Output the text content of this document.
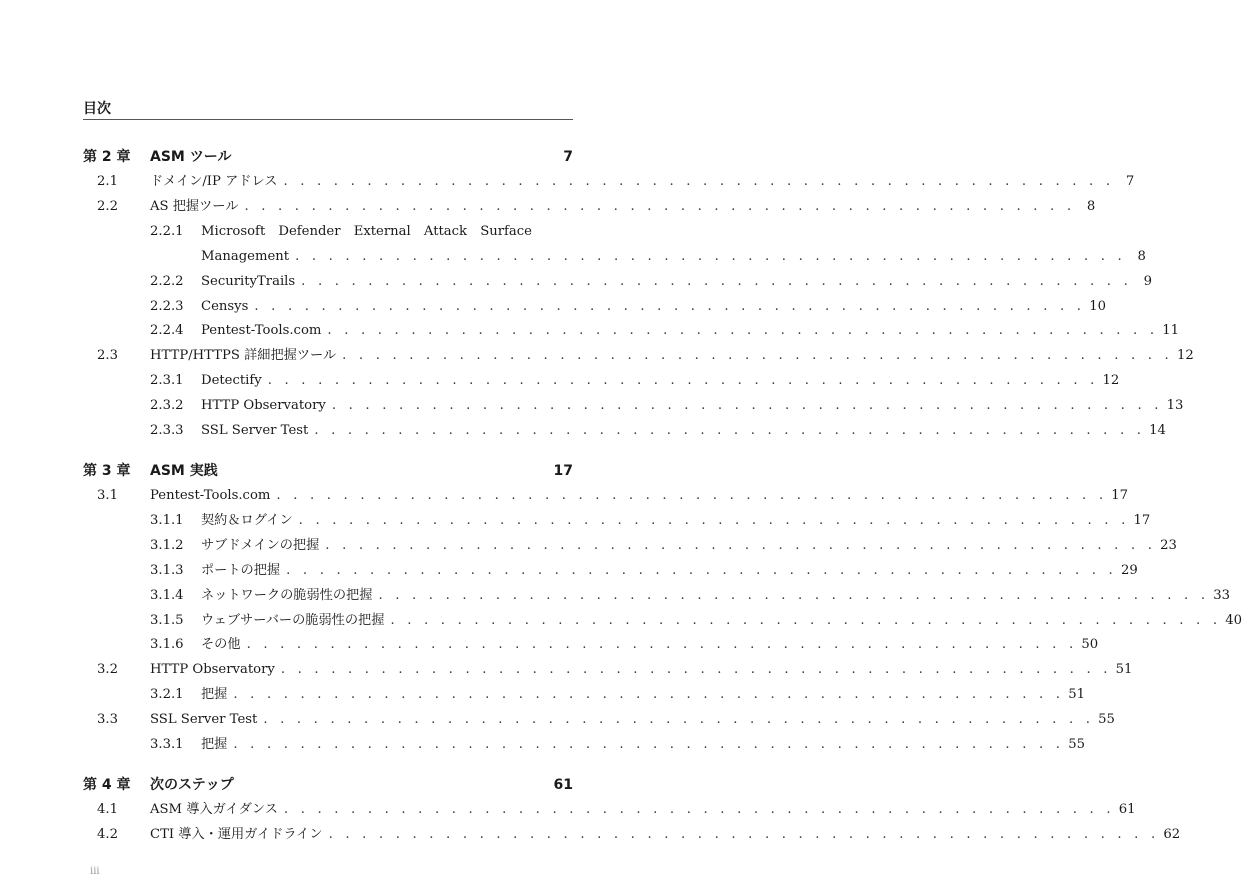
目次
第 2 章 ASM ツール	7
2.1 ドメイン/IP アドレス . . . . . . . . . . . . . . . . . . . . . . . . . . . . . . . . . . . . . . . . . . . . . . . . . . 7
2.2 AS 把握ツール . . . . . . . . . . . . . . . . . . . . . . . . . . . . . . . . . . . . . . . . . . . . . . . . . . 8
2.2.1 Microsoft Defender External Attack Surface
Management . . . . . . . . . . . . . . . . . . . . . . . . . . . . . . . . . . . . . . . . . . . . . . . . . . 8
2.2.2 SecurityTrails . . . . . . . . . . . . . . . . . . . . . . . . . . . . . . . . . . . . . . . . . . . . . . . . . . 9
2.2.3 Censys . . . . . . . . . . . . . . . . . . . . . . . . . . . . . . . . . . . . . . . . . . . . . . . . . . 10
2.2.4 Pentest-Tools.com . . . . . . . . . . . . . . . . . . . . . . . . . . . . . . . . . . . . . . . . . . . . . . . . . . 11
2.3 HTTP/HTTPS 詳細把握ツール . . . . . . . . . . . . . . . . . . . . . . . . . . . . . . . . . . . . . . . . . . . . . . . . . . 12
2.3.1 Detectify . . . . . . . . . . . . . . . . . . . . . . . . . . . . . . . . . . . . . . . . . . . . . . . . . . 12
2.3.2 HTTP Observatory . . . . . . . . . . . . . . . . . . . . . . . . . . . . . . . . . . . . . . . . . . . . . . . . . . 13
2.3.3 SSL Server Test . . . . . . . . . . . . . . . . . . . . . . . . . . . . . . . . . . . . . . . . . . . . . . . . . . 14
第 3 章 ASM 実践	17
3.1 Pentest-Tools.com . . . . . . . . . . . . . . . . . . . . . . . . . . . . . . . . . . . . . . . . . . . . . . . . . . 17
3.1.1 契約＆ログイン . . . . . . . . . . . . . . . . . . . . . . . . . . . . . . . . . . . . . . . . . . . . . . . . . . 17
3.1.2 サブドメインの把握 . . . . . . . . . . . . . . . . . . . . . . . . . . . . . . . . . . . . . . . . . . . . . . . . . . 23
3.1.3 ポートの把握 . . . . . . . . . . . . . . . . . . . . . . . . . . . . . . . . . . . . . . . . . . . . . . . . . . 29
3.1.4 ネットワークの脆弱性の把握 . . . . . . . . . . . . . . . . . . . . . . . . . . . . . . . . . . . . . . . . . . . . . . . . . . 33
3.1.5 ウェブサーバーの脆弱性の把握 . . . . . . . . . . . . . . . . . . . . . . . . . . . . . . . . . . . . . . . . . . . . . . . . . . 40
3.1.6 その他 . . . . . . . . . . . . . . . . . . . . . . . . . . . . . . . . . . . . . . . . . . . . . . . . . . 50
3.2 HTTP Observatory . . . . . . . . . . . . . . . . . . . . . . . . . . . . . . . . . . . . . . . . . . . . . . . . . . 51
3.2.1 把握 . . . . . . . . . . . . . . . . . . . . . . . . . . . . . . . . . . . . . . . . . . . . . . . . . . 51
3.3 SSL Server Test . . . . . . . . . . . . . . . . . . . . . . . . . . . . . . . . . . . . . . . . . . . . . . . . . . 55
3.3.1 把握 . . . . . . . . . . . . . . . . . . . . . . . . . . . . . . . . . . . . . . . . . . . . . . . . . . 55
第 4 章 次のステップ	61
4.1 ASM 導入ガイダンス . . . . . . . . . . . . . . . . . . . . . . . . . . . . . . . . . . . . . . . . . . . . . . . . . . 61
4.2 CTI 導入・運用ガイドライン . . . . . . . . . . . . . . . . . . . . . . . . . . . . . . . . . . . . . . . . . . . . . . . . . . 62
iii
